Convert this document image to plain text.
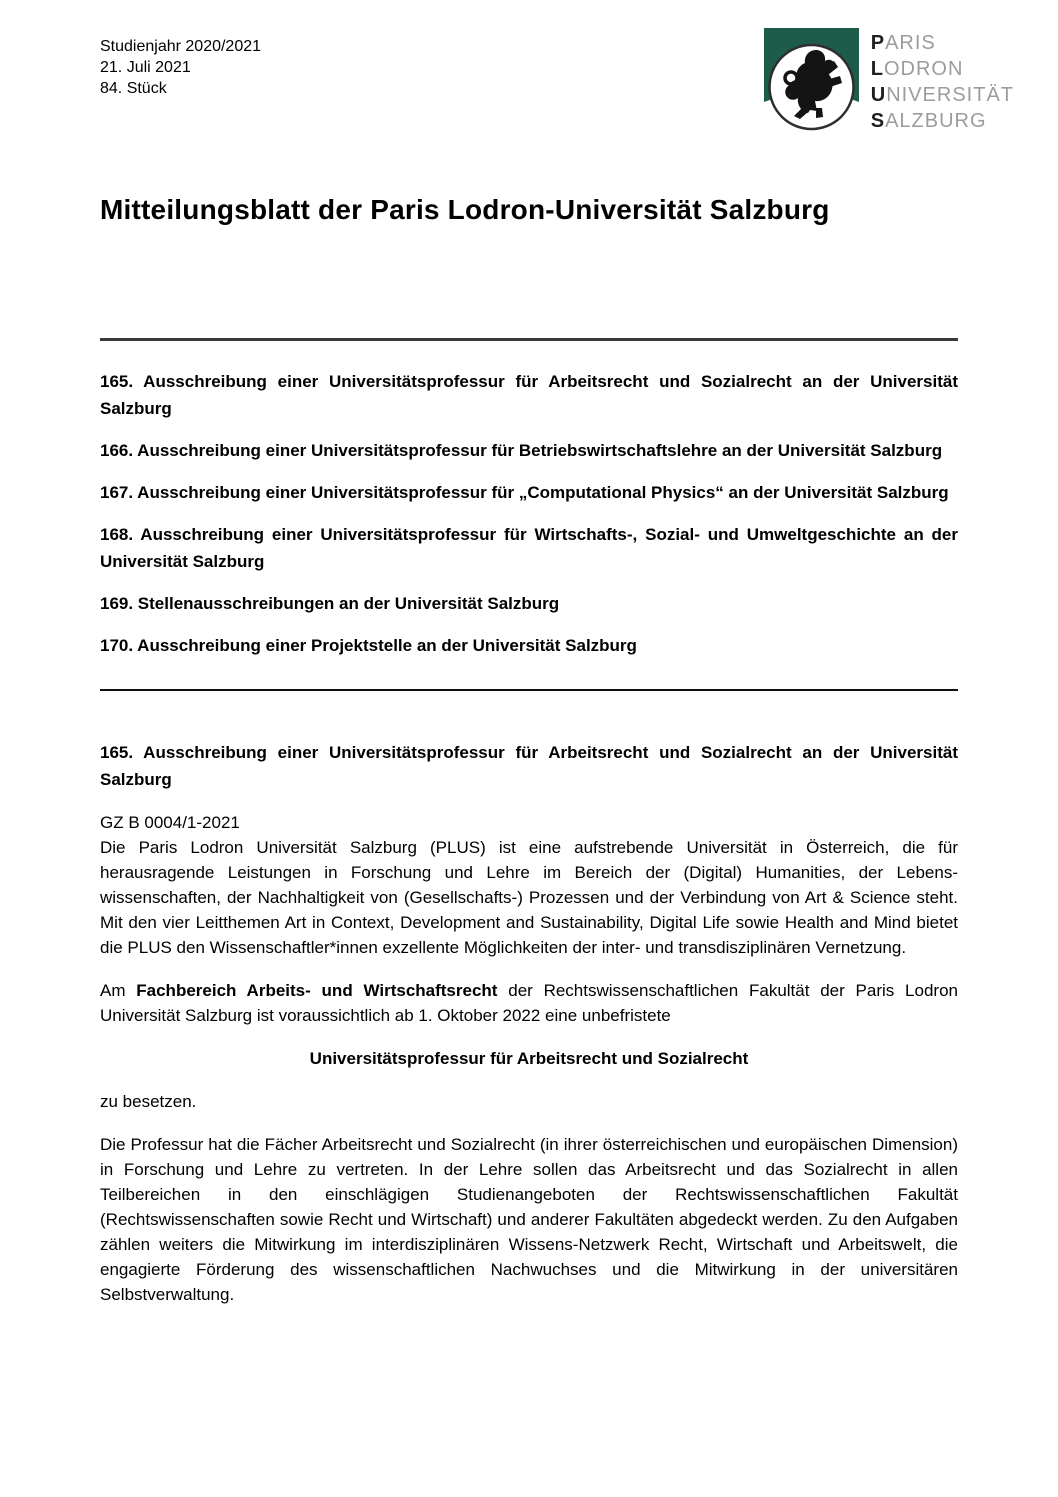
Studienjahr 2020/2021
21. Juli 2021
84. Stück
PARIS
LODRON
UNIVERSITÄT
SALZBURG
Mitteilungsblatt der Paris Lodron-Universität Salzburg

165. Ausschreibung einer Universitätsprofessur für Arbeitsrecht und Sozialrecht an der Universität Salzburg

166. Ausschreibung einer Universitätsprofessur für Betriebswirtschaftslehre an der Universität Salzburg

167. Ausschreibung einer Universitätsprofessur für „Computational Physics“ an der Universität Salzburg

168. Ausschreibung einer Universitätsprofessur für Wirtschafts-, Sozial- und Umweltgeschichte an der Universität Salzburg

169. Stellenausschreibungen an der Universität Salzburg

170. Ausschreibung einer Projektstelle an der Universität Salzburg

165. Ausschreibung einer Universitätsprofessur für Arbeitsrecht und Sozialrecht an der Universität Salzburg
GZ B 0004/1-2021

Die Paris Lodron Universität Salzburg (PLUS) ist eine aufstrebende Universität in Österreich, die für herausragende Leistungen in Forschung und Lehre im Bereich der (Digital) Humanities, der Lebenswissenschaften, der Nachhaltigkeit von (Gesellschafts-) Prozessen und der Verbindung von Art & Science steht. Mit den vier Leitthemen Art in Context, Development and Sustainability, Digital Life sowie Health and Mind bietet die PLUS den Wissenschaftler*innen exzellente Möglichkeiten der inter- und transdisziplinären Vernetzung.

Am Fachbereich Arbeits- und Wirtschaftsrecht der Rechtswissenschaftlichen Fakultät der Paris Lodron Universität Salzburg ist voraussichtlich ab 1. Oktober 2022 eine unbefristete

Universitätsprofessur für Arbeitsrecht und Sozialrecht

zu besetzen.

Die Professur hat die Fächer Arbeitsrecht und Sozialrecht (in ihrer österreichischen und europäischen Dimension) in Forschung und Lehre zu vertreten. In der Lehre sollen das Arbeitsrecht und das Sozialrecht in allen Teilbereichen in den einschlägigen Studienangeboten der Rechtswissenschaftlichen Fakultät (Rechtswissenschaften sowie Recht und Wirtschaft) und anderer Fakultäten abgedeckt werden. Zu den Aufgaben zählen weiters die Mitwirkung im interdisziplinären Wissens-Netzwerk Recht, Wirtschaft und Arbeitswelt, die engagierte Förderung des wissenschaftlichen Nachwuchses und die Mitwirkung in der universitären Selbstverwaltung.
